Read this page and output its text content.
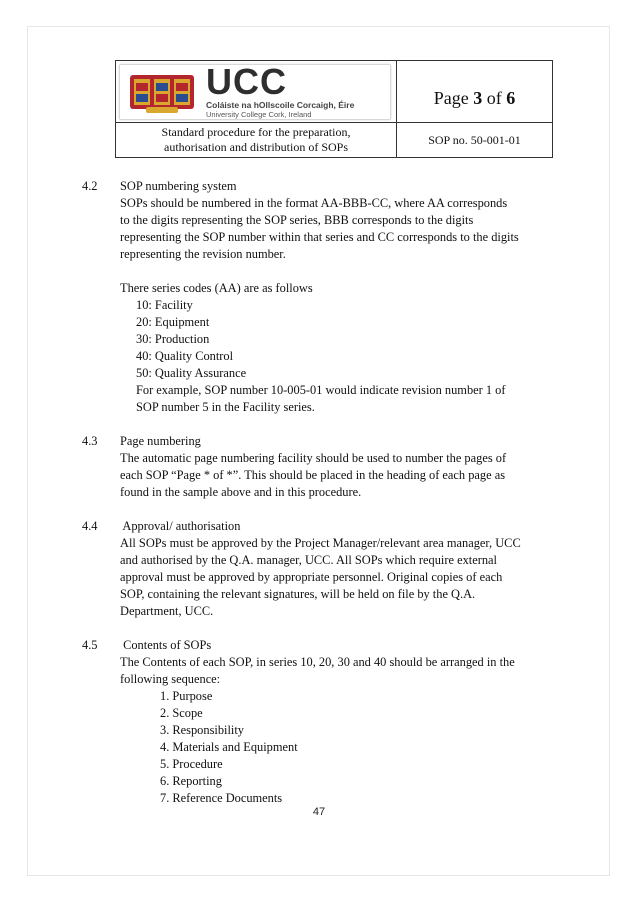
UCC
Coláiste na hOllscoile Corcaigh, Éire
University College Cork, Ireland	Page 3 of 6

Standard procedure for the preparation,
authorisation and distribution of SOPs	SOP no. 50-001-01
4.2 SOP numbering system
SOPs should be numbered in the format AA-BBB-CC, where AA corresponds
to the digits representing the SOP series, BBB corresponds to the digits
representing the SOP number within that series and CC corresponds to the digits
representing the revision number.
There series codes (AA) are as follows
10: Facility
20: Equipment
30: Production
40: Quality Control
50: Quality Assurance
For example, SOP number 10-005-01 would indicate revision number 1 of
SOP number 5 in the Facility series.
4.3 Page numbering
The automatic page numbering facility should be used to number the pages of
each SOP “Page * of *”. This should be placed in the heading of each page as
found in the sample above and in this procedure.
4.4 Approval/ authorisation
All SOPs must be approved by the Project Manager/relevant area manager, UCC
and authorised by the Q.A. manager, UCC. All SOPs which require external
approval must be approved by appropriate personnel. Original copies of each
SOP, containing the relevant signatures, will be held on file by the Q.A.
Department, UCC.
4.5 Contents of SOPs
The Contents of each SOP, in series 10, 20, 30 and 40 should be arranged in the
following sequence:
1. Purpose
2. Scope
3. Responsibility
4. Materials and Equipment
5. Procedure
6. Reporting
7. Reference Documents
47
